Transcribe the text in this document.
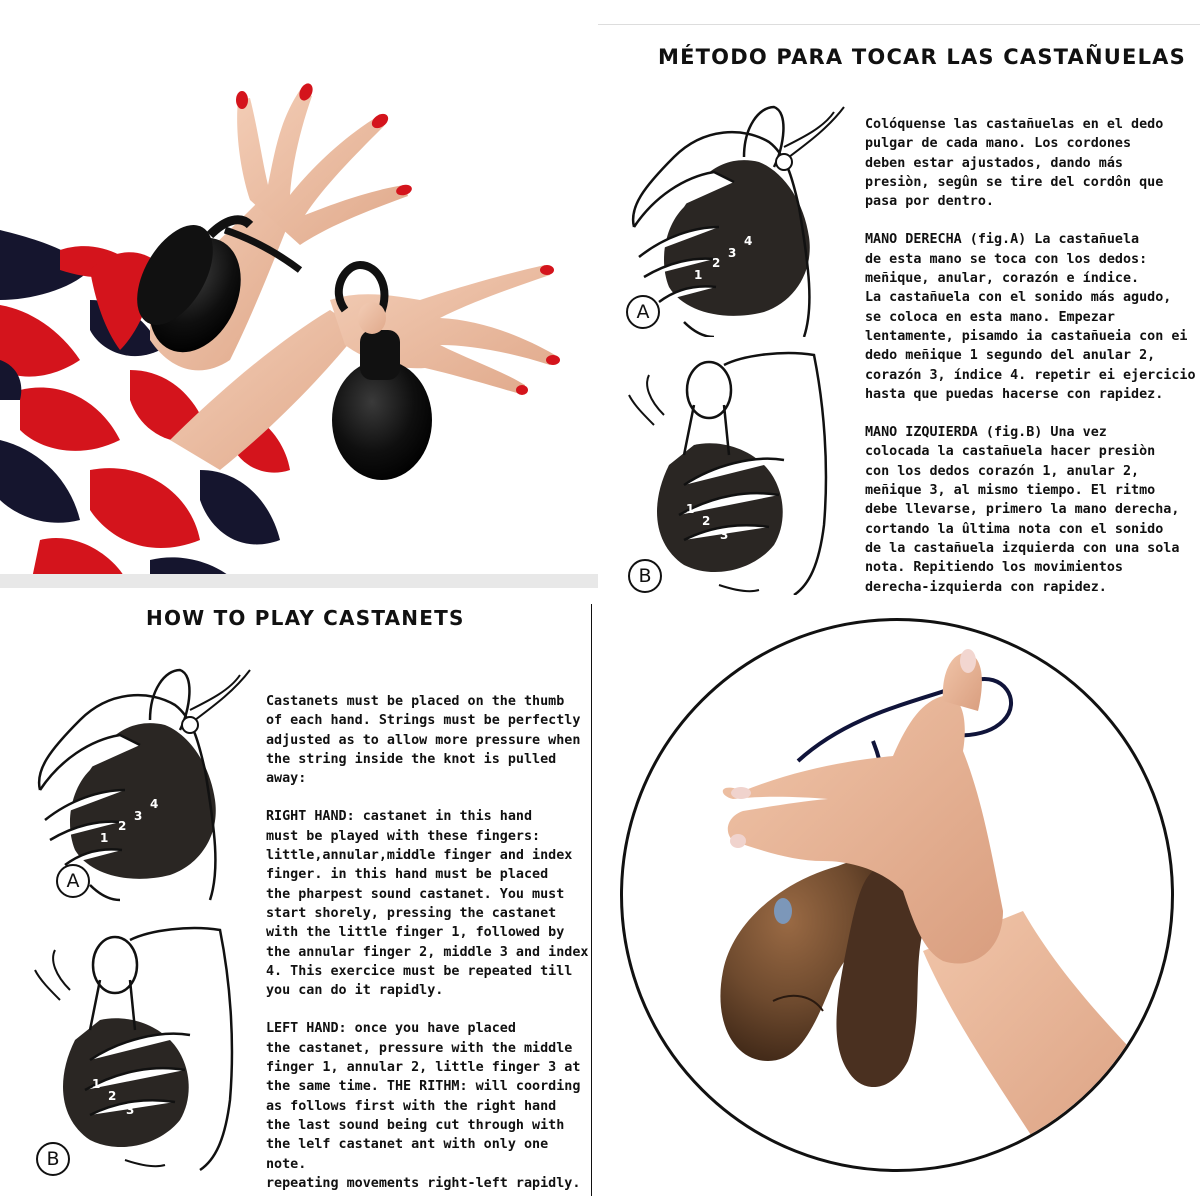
MÉTODO PARA TOCAR LAS CASTAÑUELAS
1
2
3
4
A
1
2
3
B

Colóquense las castañuelas en el dedo
pulgar de cada mano. Los cordones
deben estar ajustados, dando más
presiòn, segûn se tire del cordôn que
pasa por dentro.

MANO DERECHA (fig.A) La castañuela
de esta mano se toca con los dedos:
meñique, anular, corazón e índice.
La castañuela con el sonido más agudo,
se coloca en esta mano. Empezar
lentamente, pisamdo ia castañueia con ei
dedo meñique 1 segundo del anular 2,
corazón 3, índice 4. repetir ei ejercicio
hasta que puedas hacerse con rapidez.

MANO IZQUIERDA (fig.B) Una vez
colocada la castañuela hacer presiòn
con los dedos corazón 1, anular 2,
meñique 3, al mismo tiempo. El ritmo
debe llevarse, primero la mano derecha,
cortando la ûltima nota con el sonido
de la castañuela izquierda con una sola
nota. Repitiendo los movimientos
derecha-izquierda con rapidez.

HOW TO PLAY CASTANETS
1
2
3
4
A
1
2
3
B

Castanets must be placed on the thumb
of each hand. Strings must be perfectly
adjusted as to allow more pressure when
the string inside the knot is pulled away:

RIGHT HAND: castanet in this hand
must be played with these fingers:
little,annular,middle finger and index
finger. in this hand must be placed
the pharpest sound castanet. You must
start shorely, pressing the castanet
with the little finger 1, followed by
the annular finger 2, middle 3 and index
4. This exercice must be repeated till
you can do it rapidly.

LEFT HAND: once you have placed
the castanet, pressure with the middle
finger 1, annular 2, little finger 3 at
the same time. THE RITHM: will coording
as follows first with the right hand
the last sound being cut through with
the lelf castanet ant with only one note.
repeating movements right-left rapidly.
